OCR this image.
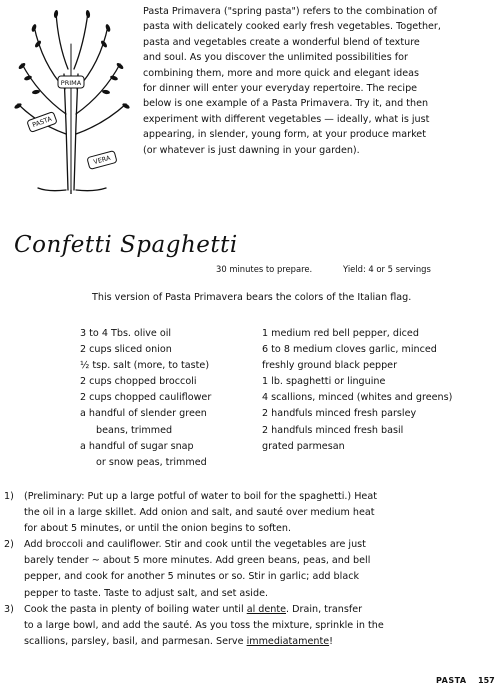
PASTA
PRIMA
VERA

Pasta Primavera ("spring pasta") refers to the combination of
pasta with delicately cooked early fresh vegetables. Together,
pasta and vegetables create a wonderful blend of texture
and soul. As you discover the unlimited possibilities for
combining them, more and more quick and elegant ideas
for dinner will enter your everyday repertoire. The recipe
below is one example of a Pasta Primavera. Try it, and then
experiment with different vegetables — ideally, what is just
appearing, in slender, young form, at your produce market
(or whatever is just dawning in your garden).

Confetti Spaghetti
30 minutes to prepare.	Yield: 4 or 5 servings

This version of Pasta Primavera bears the colors of the Italian flag.

3 to 4 Tbs. olive oil
2 cups sliced onion
½ tsp. salt (more, to taste)
2 cups chopped broccoli
2 cups chopped cauliflower
a handful of slender green
beans, trimmed
a handful of sugar snap
or snow peas, trimmed
1 medium red bell pepper, diced
6 to 8 medium cloves garlic, minced
freshly ground black pepper
1 lb. spaghetti or linguine
4 scallions, minced (whites and greens)
2 handfuls minced fresh parsley
2 handfuls minced fresh basil
grated parmesan
1) (Preliminary: Put up a large potful of water to boil for the spaghetti.) Heat
the oil in a large skillet. Add onion and salt, and sauté over medium heat
for about 5 minutes, or until the onion begins to soften.
2) Add broccoli and cauliflower. Stir and cook until the vegetables are just
barely tender ~ about 5 more minutes. Add green beans, peas, and bell
pepper, and cook for another 5 minutes or so. Stir in garlic; add black
pepper to taste. Taste to adjust salt, and set aside.
3) Cook the pasta in plenty of boiling water until al dente. Drain, transfer
to a large bowl, and add the sauté. As you toss the mixture, sprinkle in the
scallions, parsley, basil, and parmesan. Serve immediatamente!
PASTA 157
